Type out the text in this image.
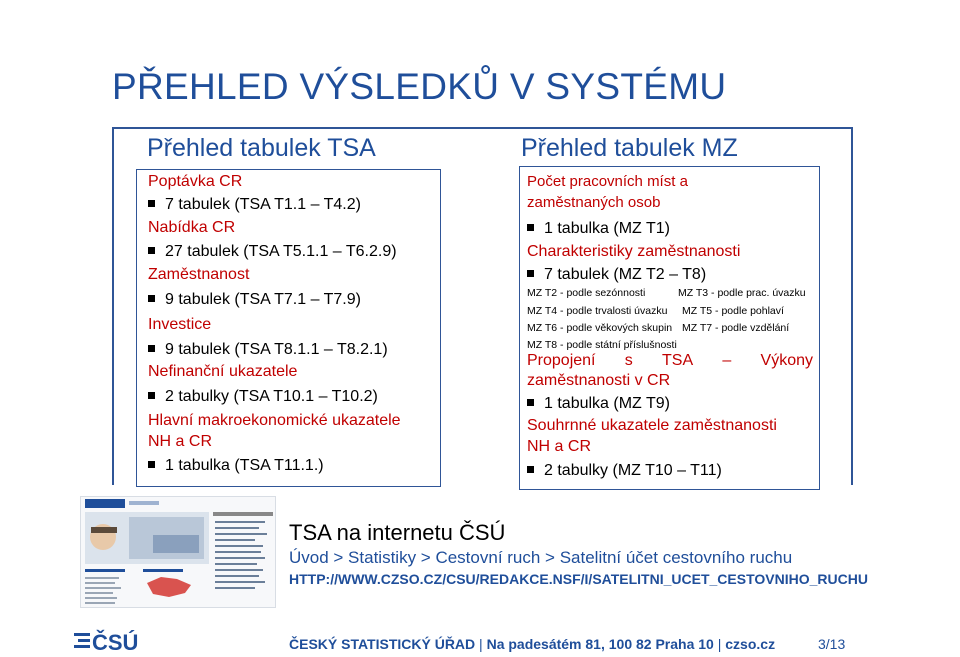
PŘEHLED VÝSLEDKŮ V SYSTÉMU
Přehled tabulek TSA	Přehled tabulek MZ
Poptávka CR
7 tabulek (TSA T1.1 – T4.2)
Nabídka CR
27 tabulek (TSA T5.1.1 – T6.2.9)
Zaměstnanost
9 tabulek (TSA T7.1 – T7.9)
Investice
9 tabulek (TSA T8.1.1 – T8.2.1)
Nefinanční ukazatele
2 tabulky (TSA T10.1 – T10.2)
Hlavní makroekonomické ukazatele
NH a CR
1 tabulka (TSA T11.1.)
Počet pracovních míst a
zaměstnaných osob
1 tabulka (MZ T1)
Charakteristiky zaměstnanosti
7 tabulek (MZ T2 – T8)
MZ T2 - podle sezónnosti	MZ T3 - podle prac. úvazku
MZ T4 - podle trvalosti úvazku MZ T5 - podle pohlaví
MZ T6 - podle věkových skupin MZ T7 - podle vzdělání
MZ T8 - podle státní příslušnosti
Propojení s TSA – Výkony
zaměstnanosti v CR
1 tabulka (MZ T9)
Souhrnné ukazatele zaměstnanosti
NH a CR
2 tabulky (MZ T10 – T11)
TSA na internetu ČSÚ
Úvod > Statistiky > Cestovní ruch > Satelitní účet cestovního ruchu
HTTP://WWW.CZSO.CZ/CSU/REDAKCE.NSF/I/SATELITNI_UCET_CESTOVNIHO_RUCHU
ČSÚ	ČESKÝ STATISTICKÝ ÚŘAD | Na padesátém 81, 100 82 Praha 10 | czso.cz	3/13
